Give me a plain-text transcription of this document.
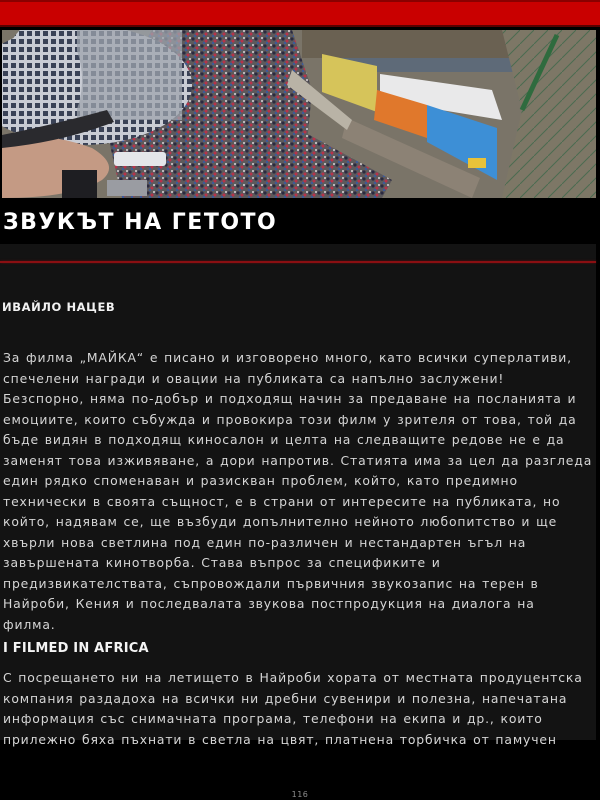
ЗВУКЪТ НА ГЕТОТО
ИВАЙЛО НАЦЕВ
За филма „МАЙКА“ е писано и изговорено много, като всички суперлативи,
спечелени награди и овации на публиката са напълно заслужени!
Безспорно, няма по-добър и подходящ начин за предаване на посланията и
емоциите, които събужда и провокира този филм у зрителя от това, той да
бъде видян в подходящ киносалон и целта на следващите редове не е да
заменят това изживяване, а дори напротив. Статията има за цел да разгледа
един рядко споменаван и разискван проблем, който, като предимно
технически в своята същност, е в страни от интересите на публиката, но
който, надявам се, ще възбуди допълнително нейното любопитство и ще
хвърли нова светлина под един по-различен и нестандартен ъгъл на
завършената кинотворба. Става въпрос за спецификите и
предизвикателствата, съпровождали първичния звукозапис на терен в
Найроби, Кения и последвалата звукова постпродукция на диалога на
филма.
I FILMED IN AFRICA
С посрещането ни на летището в Найроби хората от местната продуцентска
компания раздадоха на всички ни дребни сувенири и полезна, напечатана
информация със снимачната програма, телефони на екипа и др., които
прилежно бяха пъхнати в светла на цвят, платнена торбичка от памучен
116
